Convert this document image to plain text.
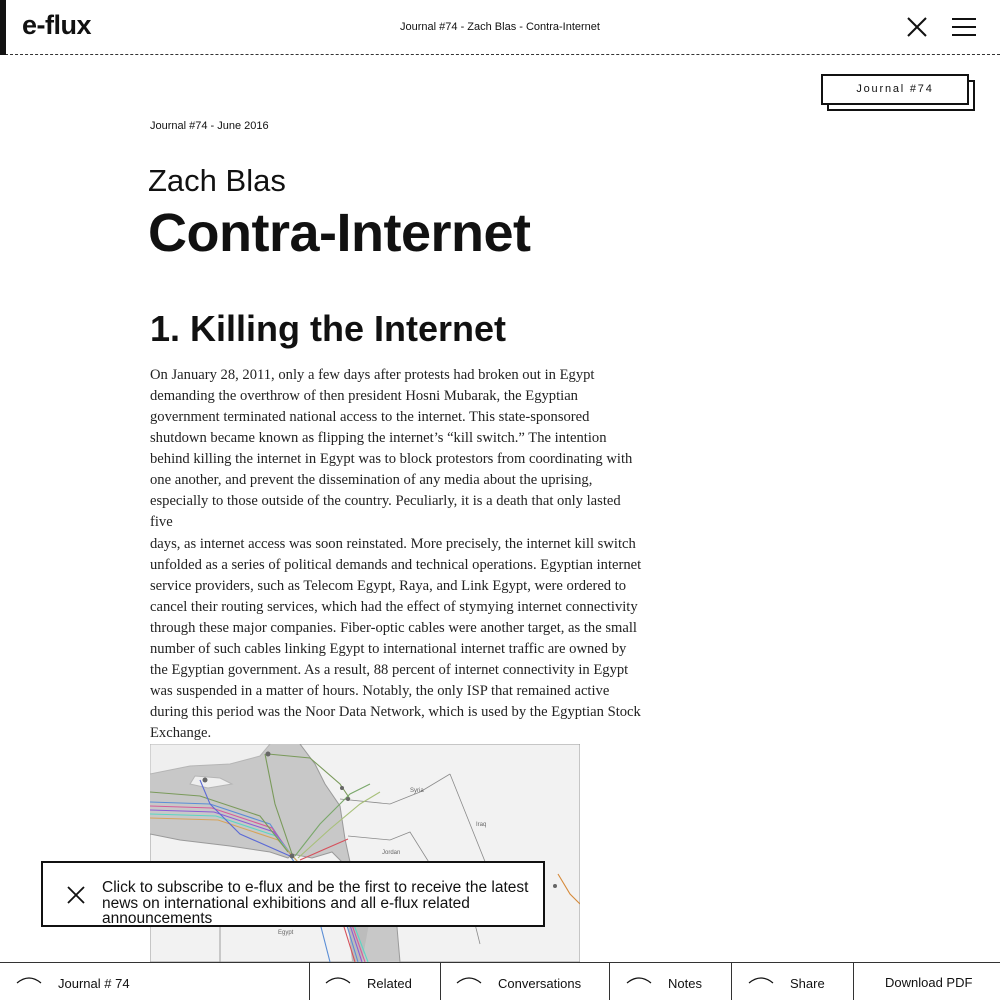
e-flux	Journal #74 - Zach Blas - Contra-Internet
Journal #74
Journal #74 - June 2016
Zach Blas
Contra-Internet
1. Killing the Internet
On January 28, 2011, only a few days after protests had broken out in Egypt
demanding the overthrow of then president Hosni Mubarak, the Egyptian
government terminated national access to the internet. This state-sponsored
shutdown became known as flipping the internet’s “kill switch.” The intention
behind killing the internet in Egypt was to block protestors from coordinating with
one another, and prevent the dissemination of any media about the uprising,
especially to those outside of the country. Peculiarly, it is a death that only lasted five
days, as internet access was soon reinstated. More precisely, the internet kill switch
unfolded as a series of political demands and technical operations. Egyptian internet
service providers, such as Telecom Egypt, Raya, and Link Egypt, were ordered to
cancel their routing services, which had the effect of stymying internet connectivity
through these major companies. Fiber-optic cables were another target, as the small
number of such cables linking Egypt to international internet traffic are owned by
the Egyptian government. As a result, 88 percent of internet connectivity in Egypt
was suspended in a matter of hours. Notably, the only ISP that remained active
during this period was the Noor Data Network, which is used by the Egyptian Stock
Exchange.
Syria
Iraq
Jordan
Egypt
Click to subscribe to e-flux and be the first to receive the latest news on international exhibitions and all e-flux related announcements
Journal # 74	Related	Conversations	Notes	Share	Download PDF
